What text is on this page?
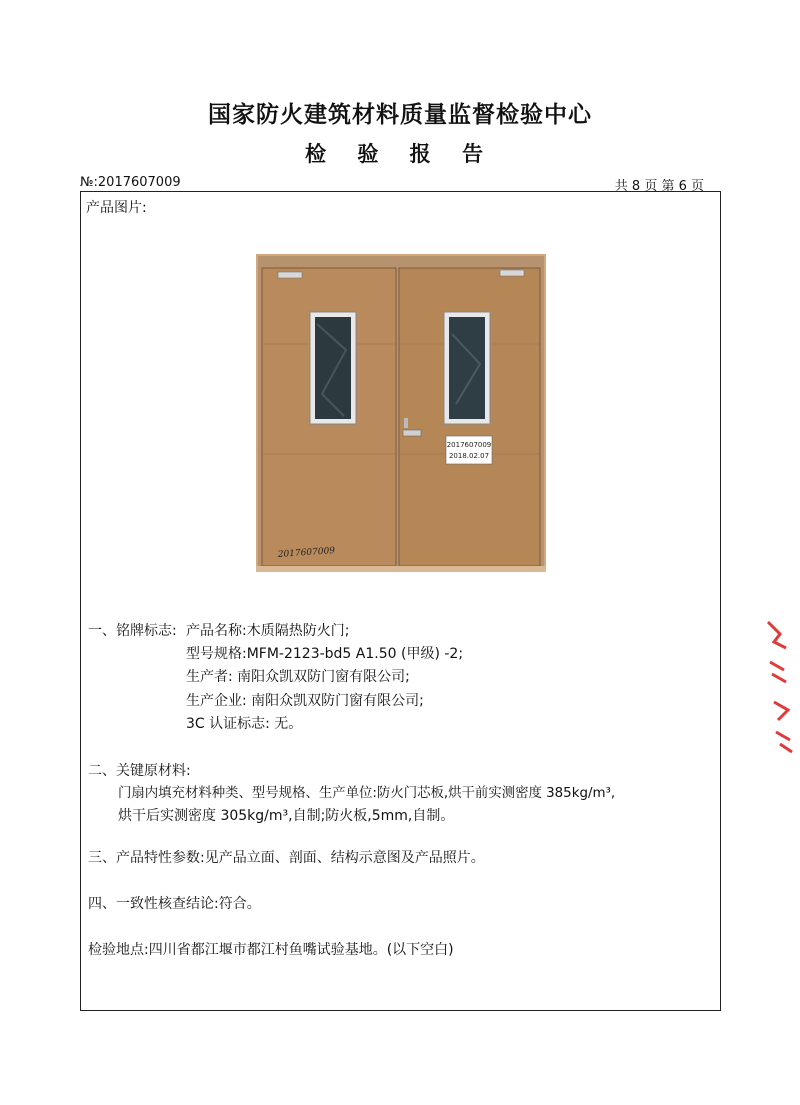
国家防火建筑材料质量监督检验中心
检 验 报 告
№:2017607009	共 8 页 第 6 页
产品图片:
2017607009
2018.02.07
2017607009
一、铭牌标志: 产品名称:木质隔热防火门;
型号规格:MFM-2123-bd5 A1.50 (甲级) -2;
生产者: 南阳众凯双防门窗有限公司;
生产企业: 南阳众凯双防门窗有限公司;
3C 认证标志: 无。
二、关键原材料:
门扇内填充材料种类、型号规格、生产单位:防火门芯板,烘干前实测密度 385kg/m³,
烘干后实测密度 305kg/m³,自制;防火板,5mm,自制。
三、产品特性参数:见产品立面、剖面、结构示意图及产品照片。
四、一致性核查结论:符合。
检验地点:四川省都江堰市都江村鱼嘴试验基地。(以下空白)
